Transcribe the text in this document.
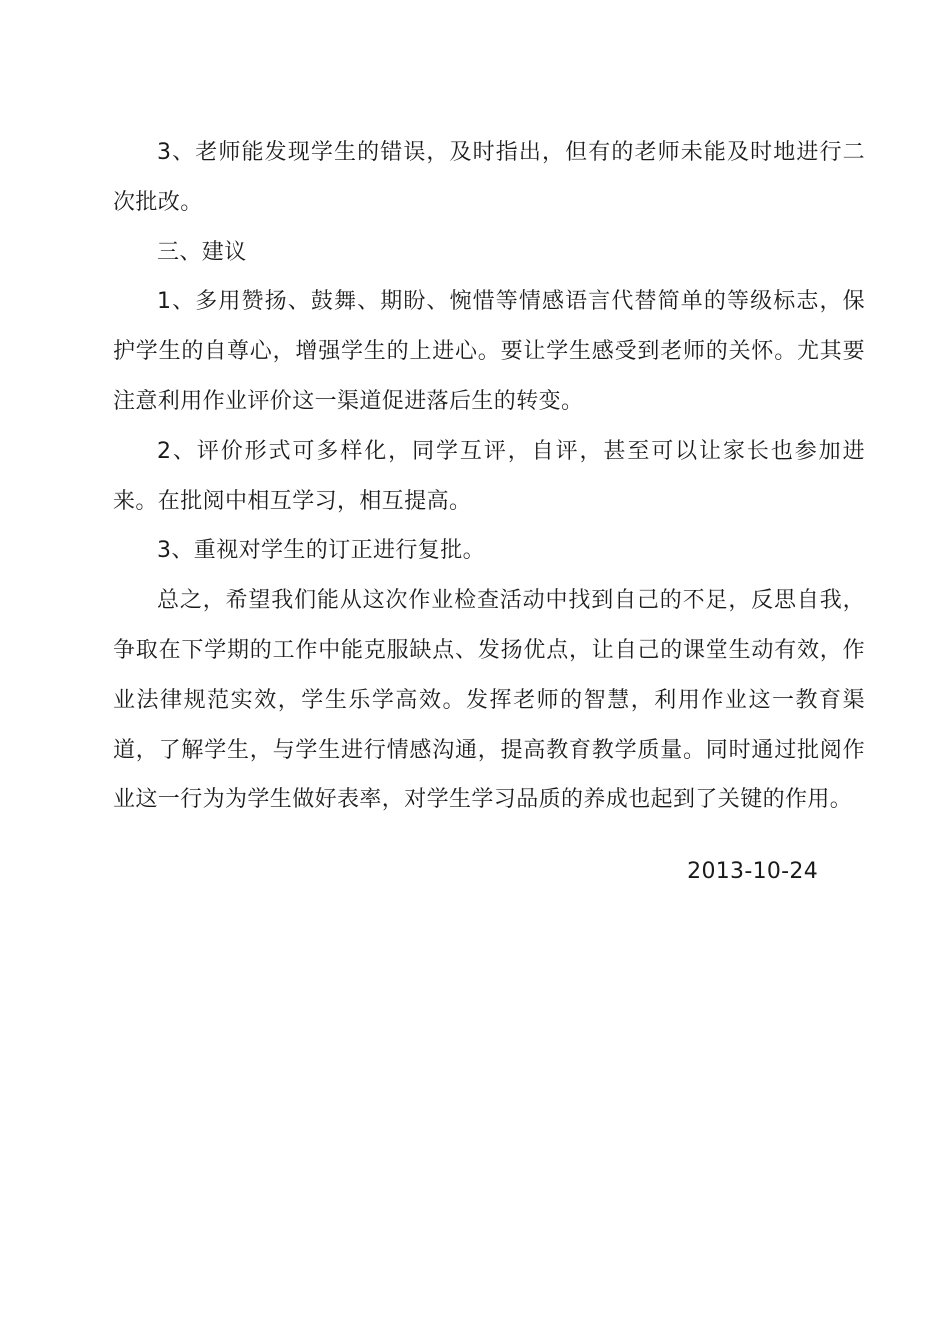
3、老师能发现学生的错误，及时指出，但有的老师未能及时地进行二次批改。

三、建议

1、多用赞扬、鼓舞、期盼、惋惜等情感语言代替简单的等级标志，保护学生的自尊心，增强学生的上进心。要让学生感受到老师的关怀。尤其要注意利用作业评价这一渠道促进落后生的转变。

2、评价形式可多样化，同学互评，自评，甚至可以让家长也参加进来。在批阅中相互学习，相互提高。

3、重视对学生的订正进行复批。

总之，希望我们能从这次作业检查活动中找到自己的不足，反思自我，争取在下学期的工作中能克服缺点、发扬优点，让自己的课堂生动有效，作业法律规范实效，学生乐学高效。发挥老师的智慧，利用作业这一教育渠道，了解学生，与学生进行情感沟通，提高教育教学质量。同时通过批阅作业这一行为为学生做好表率，对学生学习品质的养成也起到了关键的作用。

2013-10-24
